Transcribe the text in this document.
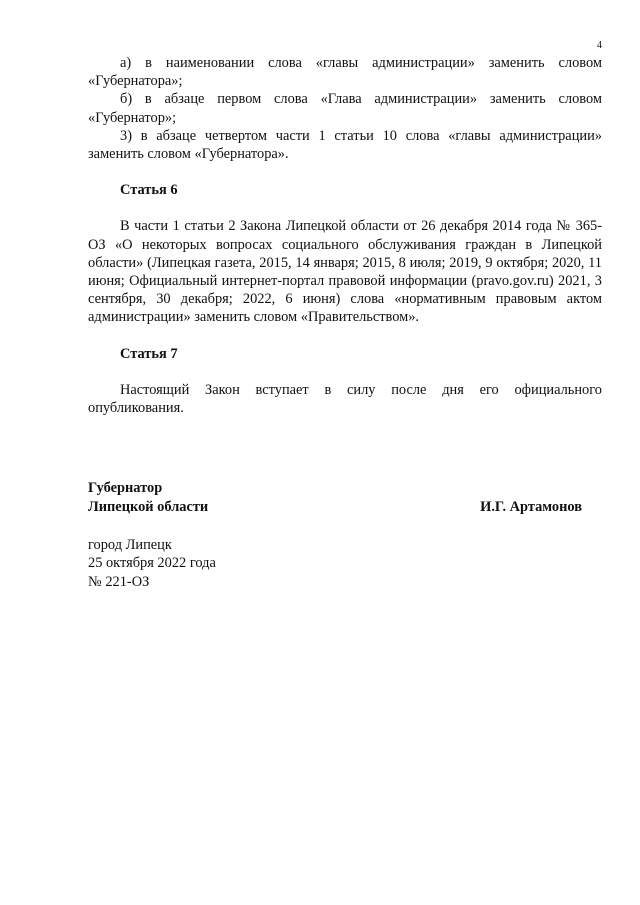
4

а) в наименовании слова «главы администрации» заменить словом «Губернатора»;

б) в абзаце первом слова «Глава администрации» заменить словом «Губернатор»;

3) в абзаце четвертом части 1 статьи 10 слова «главы администрации» заменить словом «Губернатора».

Статья 6

В части 1 статьи 2 Закона Липецкой области от 26 декабря 2014 года № 365-ОЗ «О некоторых вопросах социального обслуживания граждан в Липецкой области» (Липецкая газета, 2015, 14 января; 2015, 8 июля; 2019, 9 октября; 2020, 11 июня; Официальный интернет-портал правовой информации (pravo.gov.ru) 2021, 3 сентября, 30 декабря; 2022, 6 июня) слова «нормативным правовым актом администрации» заменить словом «Правительством».

Статья 7

Настоящий Закон вступает в силу после дня его официального опубликования.

Губернатор
Липецкой области	И.Г. Артамонов
город Липецк
25 октября 2022 года
№ 221-ОЗ
